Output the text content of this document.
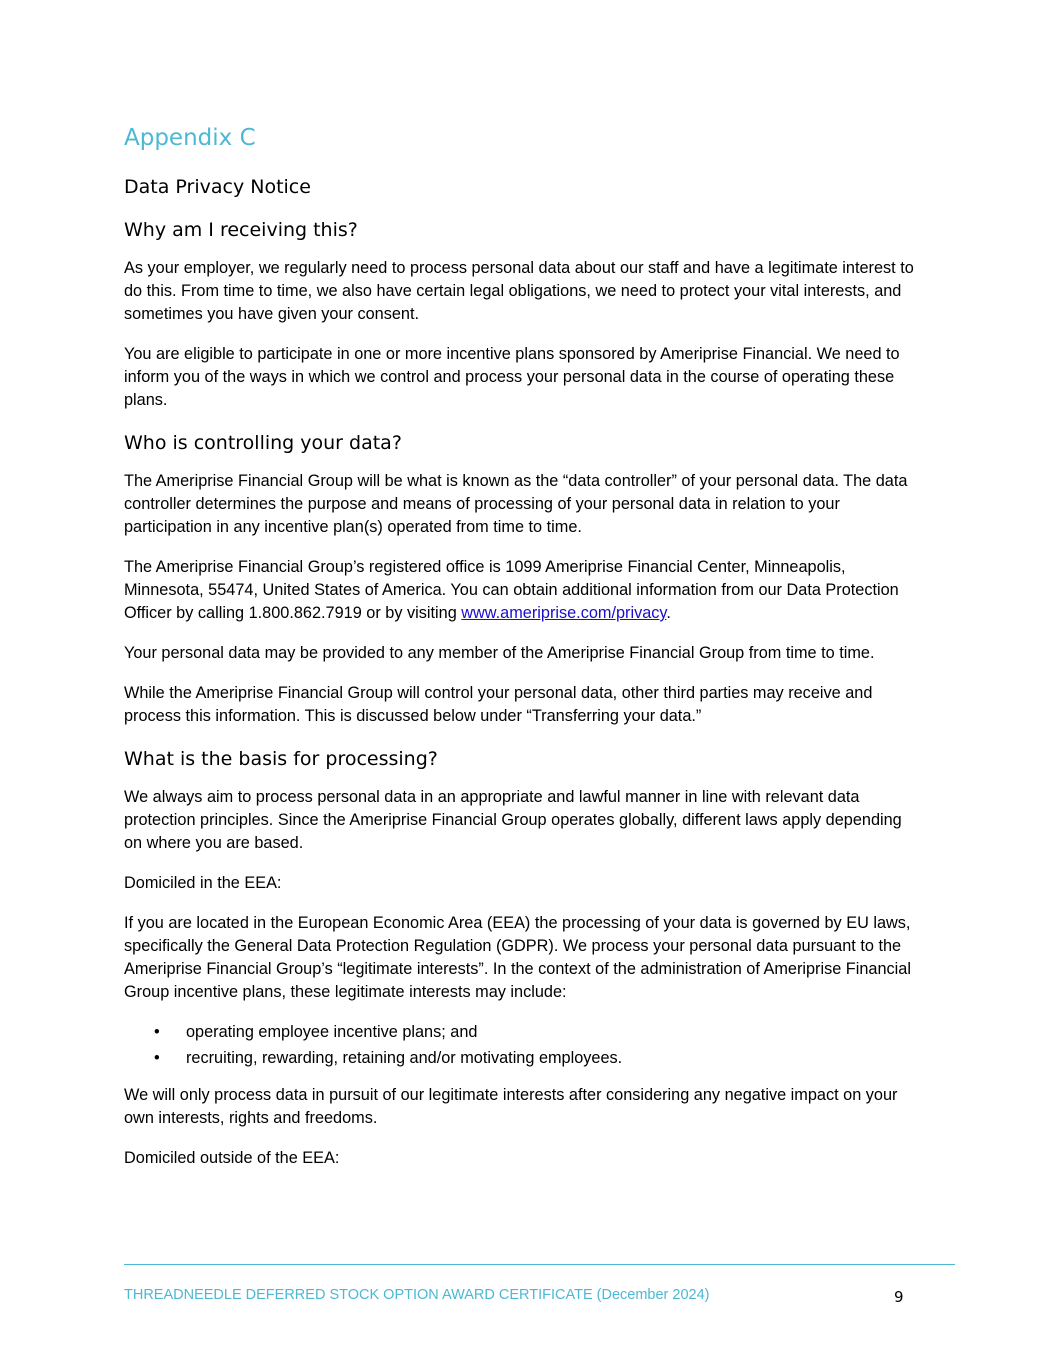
Appendix C
Data Privacy Notice
Why am I receiving this?

As your employer, we regularly need to process personal data about our staff and have a legitimate interest to do this. From time to time, we also have certain legal obligations, we need to protect your vital interests, and sometimes you have given your consent.

You are eligible to participate in one or more incentive plans sponsored by Ameriprise Financial. We need to inform you of the ways in which we control and process your personal data in the course of operating these plans.

Who is controlling your data?

The Ameriprise Financial Group will be what is known as the “data controller” of your personal data. The data controller determines the purpose and means of processing of your personal data in relation to your participation in any incentive plan(s) operated from time to time.

The Ameriprise Financial Group’s registered office is 1099 Ameriprise Financial Center, Minneapolis, Minnesota, 55474, United States of America. You can obtain additional information from our Data Protection Officer by calling 1.800.862.7919 or by visiting www.ameriprise.com/privacy.

Your personal data may be provided to any member of the Ameriprise Financial Group from time to time.

While the Ameriprise Financial Group will control your personal data, other third parties may receive and process this information. This is discussed below under “Transferring your data.”

What is the basis for processing?

We always aim to process personal data in an appropriate and lawful manner in line with relevant data protection principles. Since the Ameriprise Financial Group operates globally, different laws apply depending on where you are based.

Domiciled in the EEA:

If you are located in the European Economic Area (EEA) the processing of your data is governed by EU laws, specifically the General Data Protection Regulation (GDPR). We process your personal data pursuant to the Ameriprise Financial Group’s “legitimate interests”. In the context of the administration of Ameriprise Financial Group incentive plans, these legitimate interests may include:

• operating employee incentive plans; and
• recruiting, rewarding, retaining and/or motivating employees.

We will only process data in pursuit of our legitimate interests after considering any negative impact on your own interests, rights and freedoms.

Domiciled outside of the EEA:

THREADNEEDLE DEFERRED STOCK OPTION AWARD CERTIFICATE (December 2024)	9
